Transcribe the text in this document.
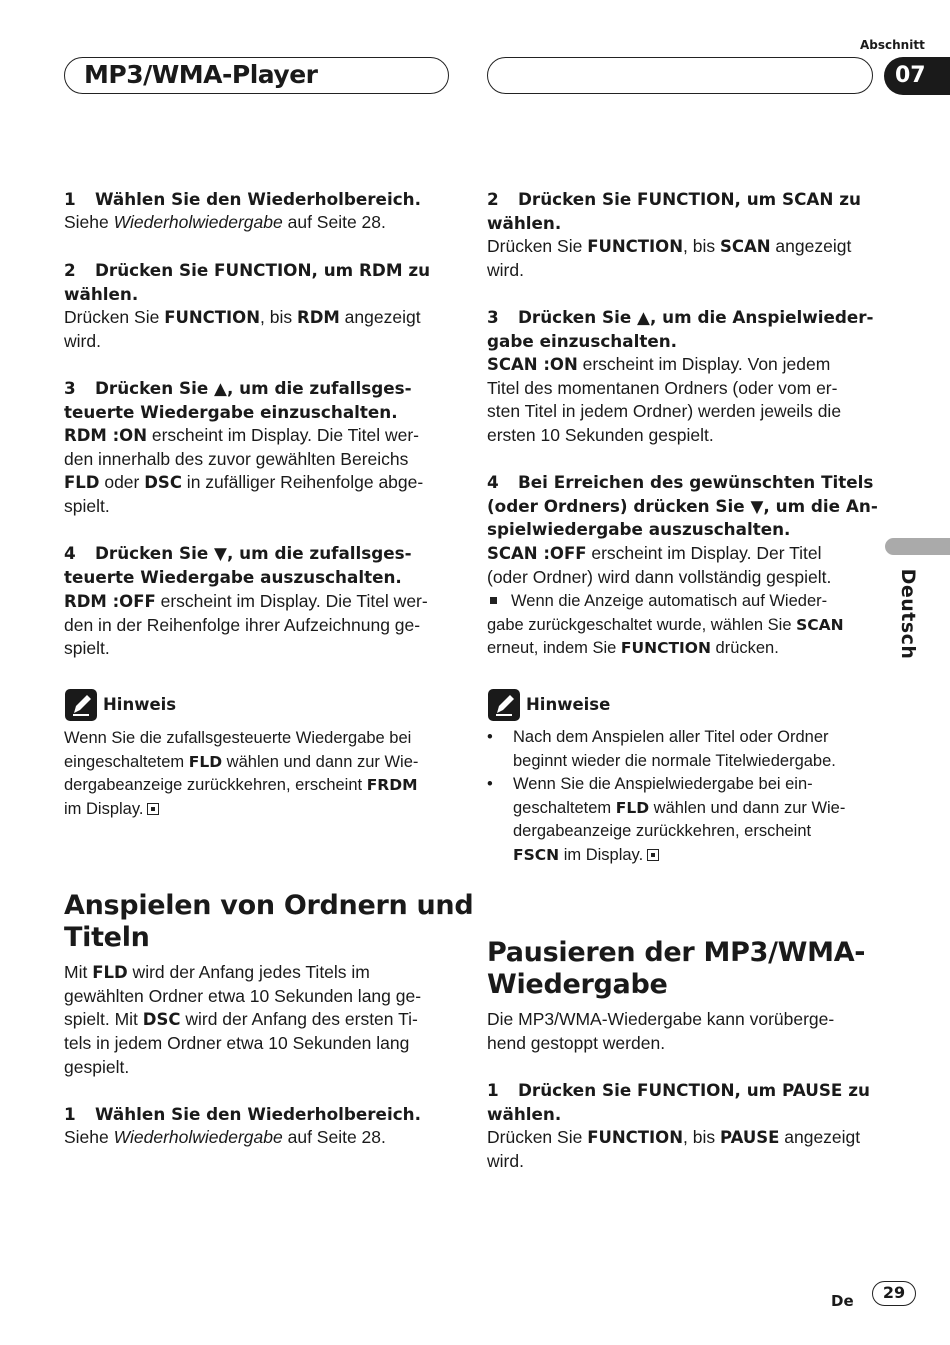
MP3/WMA-Player
Abschnitt
07
Deutsch
1 Wählen Sie den Wiederholbereich.
Siehe Wiederholwiedergabe auf Seite 28.
2 Drücken Sie FUNCTION, um RDM zu
wählen.
Drücken Sie FUNCTION, bis RDM angezeigt
wird.
3 Drücken Sie ▲, um die zufallsges-
teuerte Wiedergabe einzuschalten.
RDM :ON erscheint im Display. Die Titel wer-
den innerhalb des zuvor gewählten Bereichs
FLD oder DSC in zufälliger Reihenfolge abge-
spielt.
4 Drücken Sie ▼, um die zufallsges-
teuerte Wiedergabe auszuschalten.
RDM :OFF erscheint im Display. Die Titel wer-
den in der Reihenfolge ihrer Aufzeichnung ge-
spielt.
Hinweis
Wenn Sie die zufallsgesteuerte Wiedergabe bei
eingeschaltetem FLD wählen und dann zur Wie-
dergabeanzeige zurückkehren, erscheint FRDM
im Display.
Anspielen von Ordnern und
Titeln
Mit FLD wird der Anfang jedes Titels im
gewählten Ordner etwa 10 Sekunden lang ge-
spielt. Mit DSC wird der Anfang des ersten Ti-
tels in jedem Ordner etwa 10 Sekunden lang
gespielt.
1 Wählen Sie den Wiederholbereich.
Siehe Wiederholwiedergabe auf Seite 28.
2 Drücken Sie FUNCTION, um SCAN zu
wählen.
Drücken Sie FUNCTION, bis SCAN angezeigt
wird.
3 Drücken Sie ▲, um die Anspielwieder-
gabe einzuschalten.
SCAN :ON erscheint im Display. Von jedem
Titel des momentanen Ordners (oder vom er-
sten Titel in jedem Ordner) werden jeweils die
ersten 10 Sekunden gespielt.
4 Bei Erreichen des gewünschten Titels
(oder Ordners) drücken Sie ▼, um die An-
spielwiedergabe auszuschalten.
SCAN :OFF erscheint im Display. Der Titel
(oder Ordner) wird dann vollständig gespielt.
Wenn die Anzeige automatisch auf Wieder-
gabe zurückgeschaltet wurde, wählen Sie SCAN
erneut, indem Sie FUNCTION drücken.
Hinweise
• Nach dem Anspielen aller Titel oder Ordner
beginnt wieder die normale Titelwiedergabe.
• Wenn Sie die Anspielwiedergabe bei ein-
geschaltetem FLD wählen und dann zur Wie-
dergabeanzeige zurückkehren, erscheint
FSCN im Display.
Pausieren der MP3/WMA-
Wiedergabe
Die MP3/WMA-Wiedergabe kann vorüberge-
hend gestoppt werden.
1 Drücken Sie FUNCTION, um PAUSE zu
wählen.
Drücken Sie FUNCTION, bis PAUSE angezeigt
wird.
De	29
